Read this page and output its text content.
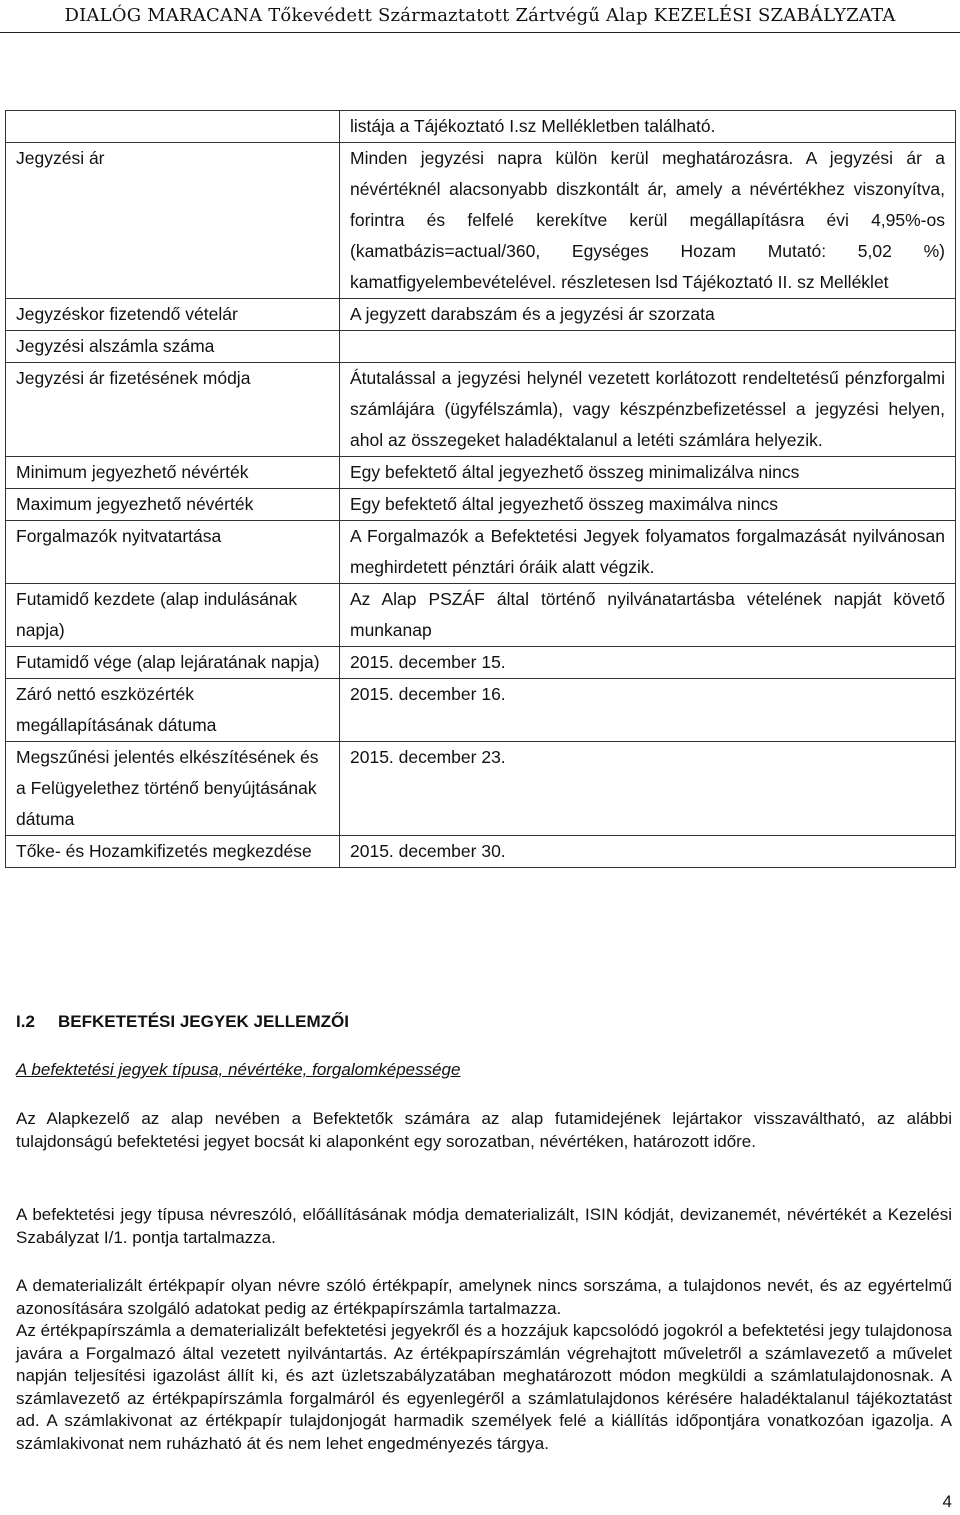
DIALÓG MARACANA Tőkevédett Származtatott Zártvégű Alap KEZELÉSI SZABÁLYZATA
	listája a Tájékoztató I.sz Mellékletben található.
Jegyzési ár	Minden jegyzési napra külön kerül meghatározásra. A jegyzési ár a névértéknél alacsonyabb diszkontált ár, amely a névértékhez viszonyítva, forintra és felfelé kerekítve kerül megállapításra évi 4,95%-os (kamatbázis=actual/360, Egységes Hozam Mutató: 5,02 %) kamatfigyelembevételével. részletesen lsd Tájékoztató II. sz Melléklet
Jegyzéskor fizetendő vételár	A jegyzett darabszám és a jegyzési ár szorzata
Jegyzési alszámla száma	
Jegyzési ár fizetésének módja	Átutalással a jegyzési helynél vezetett korlátozott rendeltetésű pénzforgalmi számlájára (ügyfélszámla), vagy készpénzbefizetéssel a jegyzési helyen, ahol az összegeket haladéktalanul a letéti számlára helyezik.
Minimum jegyezhető névérték	Egy befektető által jegyezhető összeg minimalizálva nincs
Maximum jegyezhető névérték	Egy befektető által jegyezhető összeg maximálva nincs
Forgalmazók nyitvatartása	A Forgalmazók a Befektetési Jegyek folyamatos forgalmazását nyilvánosan meghirdetett pénztári óráik alatt végzik.
Futamidő kezdete (alap indulásának napja)	Az Alap PSZÁF által történő nyilvánatartásba vételének napját követő munkanap
Futamidő vége (alap lejáratának napja)	2015. december 15.
Záró nettó eszközérték megállapításának dátuma	2015. december 16.
Megszűnési jelentés elkészítésének és a Felügyelethez történő benyújtásának dátuma	2015. december 23.
Tőke- és Hozamkifizetés megkezdése	2015. december 30.
I.2 BEFKETETÉSI JEGYEK JELLEMZŐI
A befektetési jegyek típusa, névértéke, forgalomképessége
Az Alapkezelő az alap nevében a Befektetők számára az alap futamidejének lejártakor visszaváltható, az alábbi tulajdonságú befektetési jegyet bocsát ki alaponként egy sorozatban, névértéken, határozott időre.
A befektetési jegy típusa névreszóló, előállításának módja dematerializált, ISIN kódját, devizanemét, névértékét a Kezelési Szabályzat I/1. pontja tartalmazza.
A dematerializált értékpapír olyan névre szóló értékpapír, amelynek nincs sorszáma, a tulajdonos nevét, és az egyértelmű azonosítására szolgáló adatokat pedig az értékpapírszámla tartalmazza.
Az értékpapírszámla a dematerializált befektetési jegyekről és a hozzájuk kapcsolódó jogokról a befektetési jegy tulajdonosa javára a Forgalmazó által vezetett nyilvántartás. Az értékpapírszámlán végrehajtott műveletről a számlavezető a művelet napján teljesítési igazolást állít ki, és azt üzletszabályzatában meghatározott módon megküldi a számlatulajdonosnak. A számlavezető az értékpapírszámla forgalmáról és egyenlegéről a számlatulajdonos kérésére haladéktalanul tájékoztatást ad. A számlakivonat az értékpapír tulajdonjogát harmadik személyek felé a kiállítás időpontjára vonatkozóan igazolja. A számlakivonat nem ruházható át és nem lehet engedményezés tárgya.
4
